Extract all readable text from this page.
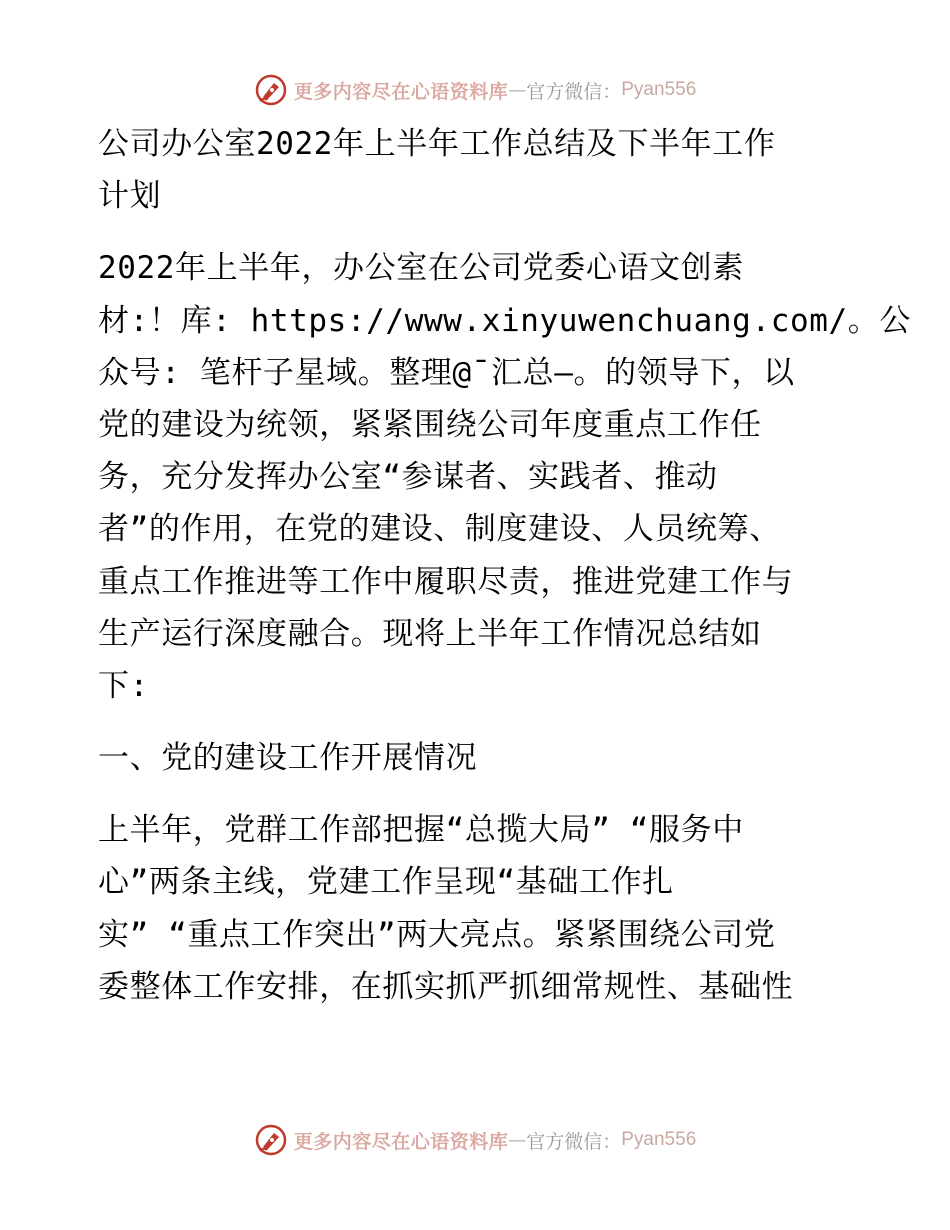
更多内容尽在心语资料库 — 官方微信： Pyan556
公司办公室2022年上半年工作总结及下半年工作
计划
2022年上半年，办公室在公司党委心语文创素
材:！库: https://www.xinyuwenchuang.com/。公
众号: 笔杆子星域。整理@¯汇总—。的领导下，以
党的建设为统领，紧紧围绕公司年度重点工作任
务，充分发挥办公室“参谋者、实践者、推动
者”的作用，在党的建设、制度建设、人员统筹、
重点工作推进等工作中履职尽责，推进党建工作与
生产运行深度融合。现将上半年工作情况总结如
下:
一、党的建设工作开展情况
上半年，党群工作部把握“总揽大局” “服务中
心”两条主线，党建工作呈现“基础工作扎
实” “重点工作突出”两大亮点。紧紧围绕公司党
委整体工作安排，在抓实抓严抓细常规性、基础性
更多内容尽在心语资料库 — 官方微信： Pyan556
